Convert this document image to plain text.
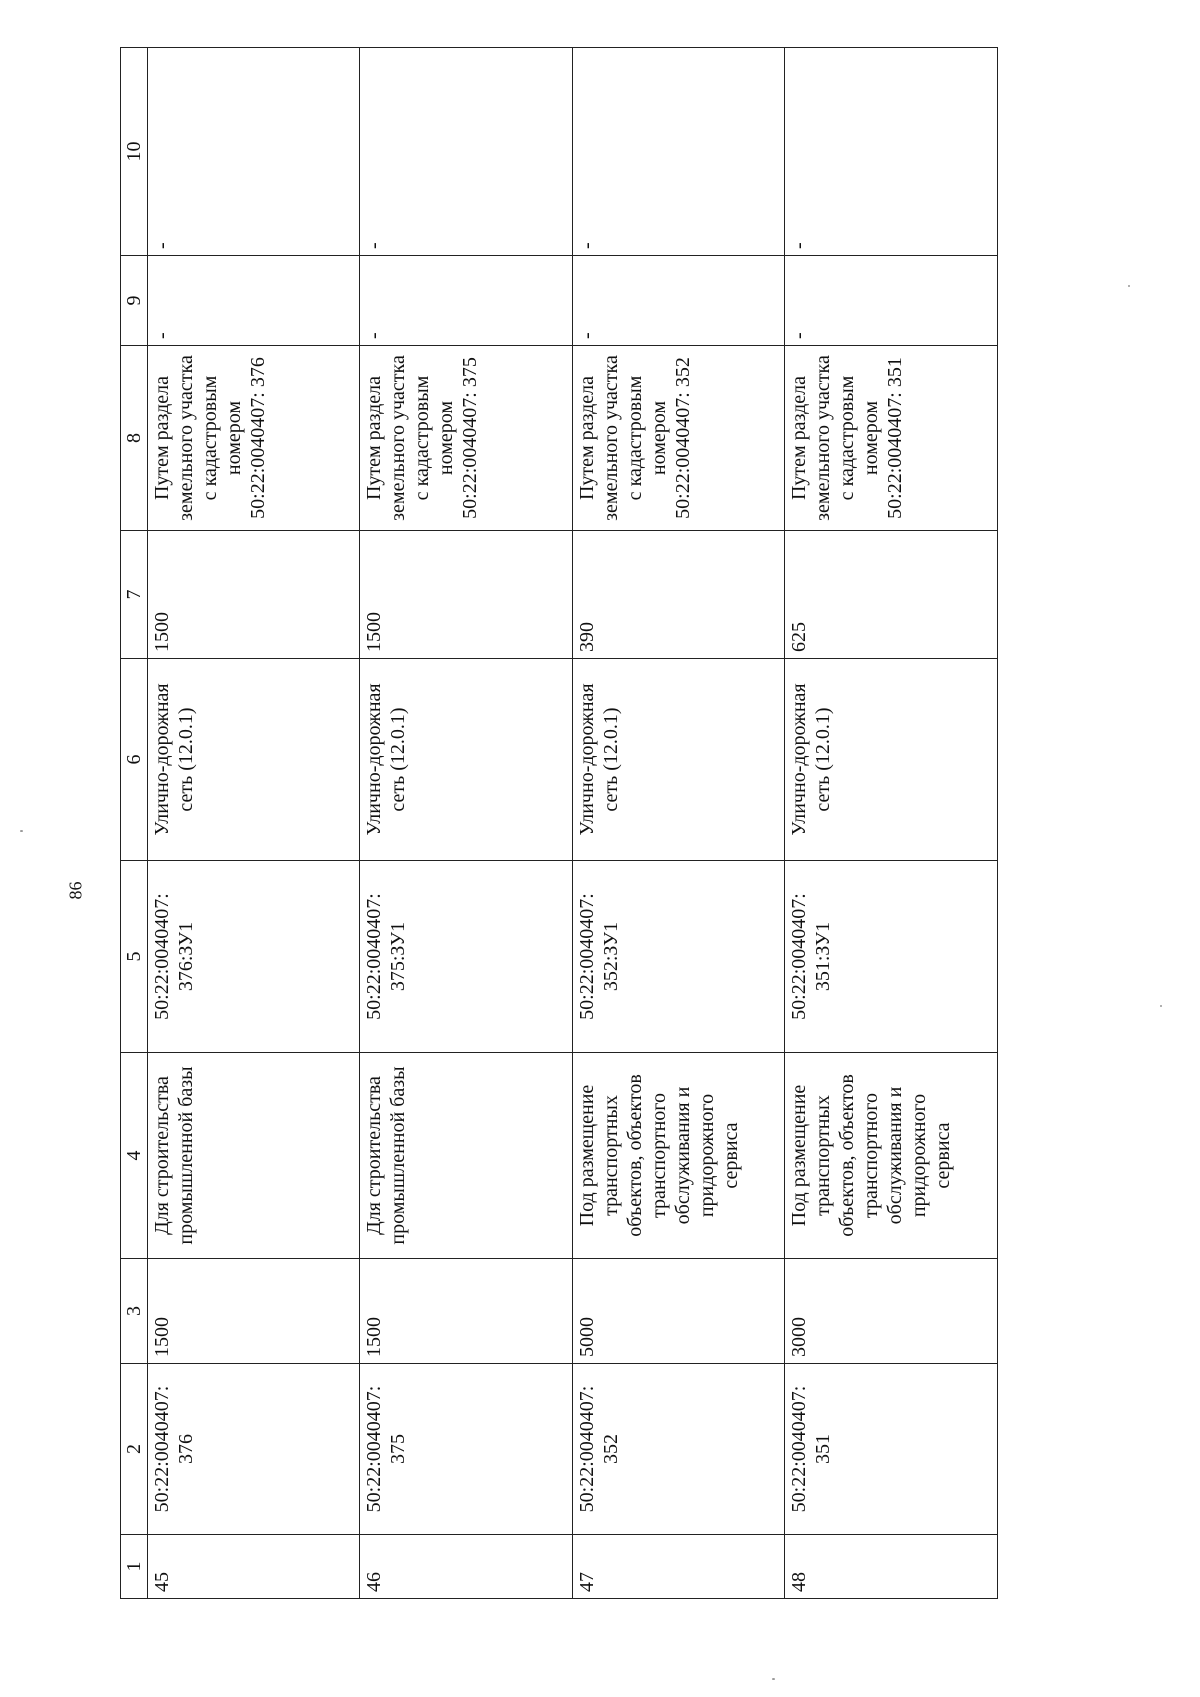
86
1	2	3	4	5	6	7	8	9	10
45	50:22:0040407: 376	1500	Для строительства промышленной базы	50:22:0040407: 376:ЗУ1	Улично-дорожная сеть (12.0.1)	1500	Путем раздела земельного участка с кадастровым номером 50:22:0040407: 376	-	-
46	50:22:0040407: 375	1500	Для строительства промышленной базы	50:22:0040407: 375:ЗУ1	Улично-дорожная сеть (12.0.1)	1500	Путем раздела земельного участка с кадастровым номером 50:22:0040407: 375	-	-
47	50:22:0040407: 352	5000	Под размещение транспортных объектов, объектов транспортного обслуживания и придорожного сервиса	50:22:0040407: 352:ЗУ1	Улично-дорожная сеть (12.0.1)	390	Путем раздела земельного участка с кадастровым номером 50:22:0040407: 352	-	-
48	50:22:0040407: 351	3000	Под размещение транспортных объектов, объектов транспортного обслуживания и придорожного сервиса	50:22:0040407: 351:ЗУ1	Улично-дорожная сеть (12.0.1)	625	Путем раздела земельного участка с кадастровым номером 50:22:0040407: 351	-	-
